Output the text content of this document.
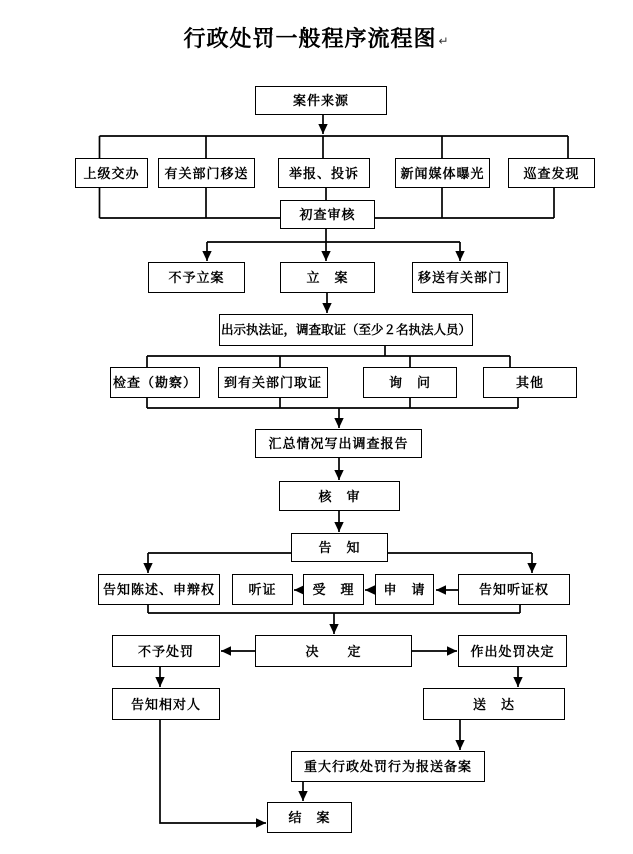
行政处罚一般程序流程图 ↵
案件来源
上级交办	有关部门移送	举报、投诉	新闻媒体曝光	巡查发现
初查审核
不予立案	立　案	移送有关部门
出示执法证，调查取证（至少２名执法人员）
检查（勘察）	到有关部门取证	询　问	其他
汇总情况写出调查报告
核　审
告　知
告知陈述、申辩权	听证	受　理	申　请	告知听证权
不予处罚	决　　定	作出处罚决定
告知相对人	送　达
重大行政处罚行为报送备案
结　案
